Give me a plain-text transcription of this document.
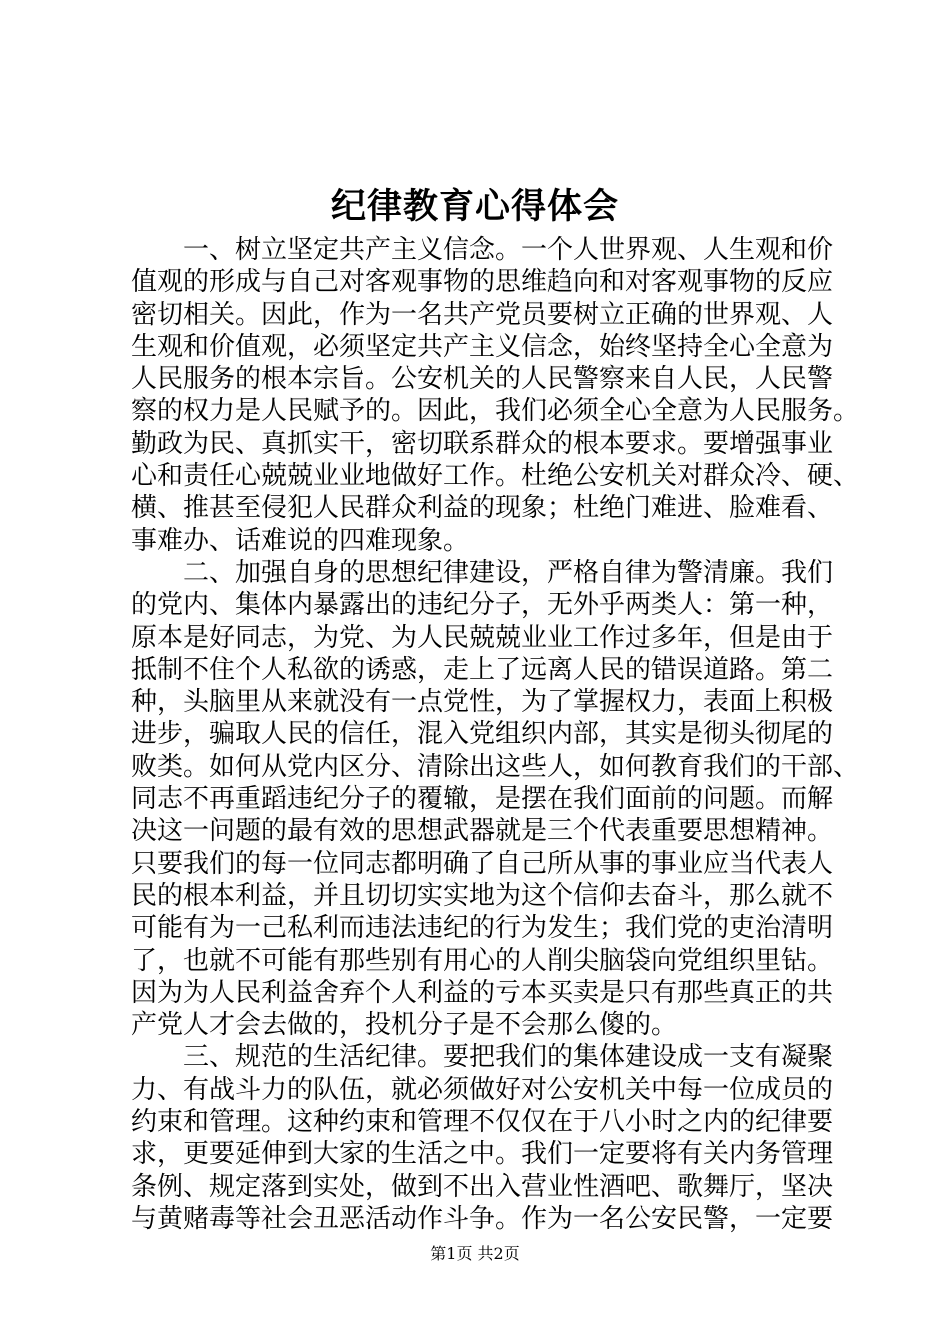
纪律教育心得体会
一、树立坚定共产主义信念。一个人世界观、人生观和价
值观的形成与自己对客观事物的思维趋向和对客观事物的反应
密切相关。因此，作为一名共产党员要树立正确的世界观、人
生观和价值观，必须坚定共产主义信念，始终坚持全心全意为
人民服务的根本宗旨。公安机关的人民警察来自人民，人民警
察的权力是人民赋予的。因此，我们必须全心全意为人民服务。
勤政为民、真抓实干，密切联系群众的根本要求。要增强事业
心和责任心兢兢业业地做好工作。杜绝公安机关对群众冷、硬、
横、推甚至侵犯人民群众利益的现象；杜绝门难进、脸难看、
事难办、话难说的四难现象。
二、加强自身的思想纪律建设，严格自律为警清廉。我们
的党内、集体内暴露出的违纪分子，无外乎两类人：第一种，
原本是好同志，为党、为人民兢兢业业工作过多年，但是由于
抵制不住个人私欲的诱惑，走上了远离人民的错误道路。第二
种，头脑里从来就没有一点党性，为了掌握权力，表面上积极
进步，骗取人民的信任，混入党组织内部，其实是彻头彻尾的
败类。如何从党内区分、清除出这些人，如何教育我们的干部、
同志不再重蹈违纪分子的覆辙，是摆在我们面前的问题。而解
决这一问题的最有效的思想武器就是三个代表重要思想精神。
只要我们的每一位同志都明确了自己所从事的事业应当代表人
民的根本利益，并且切切实实地为这个信仰去奋斗，那么就不
可能有为一己私利而违法违纪的行为发生；我们党的吏治清明
了，也就不可能有那些别有用心的人削尖脑袋向党组织里钻。
因为为人民利益舍弃个人利益的亏本买卖是只有那些真正的共
产党人才会去做的，投机分子是不会那么傻的。
三、规范的生活纪律。要把我们的集体建设成一支有凝聚
力、有战斗力的队伍，就必须做好对公安机关中每一位成员的
约束和管理。这种约束和管理不仅仅在于八小时之内的纪律要
求，更要延伸到大家的生活之中。我们一定要将有关内务管理
条例、规定落到实处，做到不出入营业性酒吧、歌舞厅，坚决
与黄赌毒等社会丑恶活动作斗争。作为一名公安民警，一定要
第1页 共2页
